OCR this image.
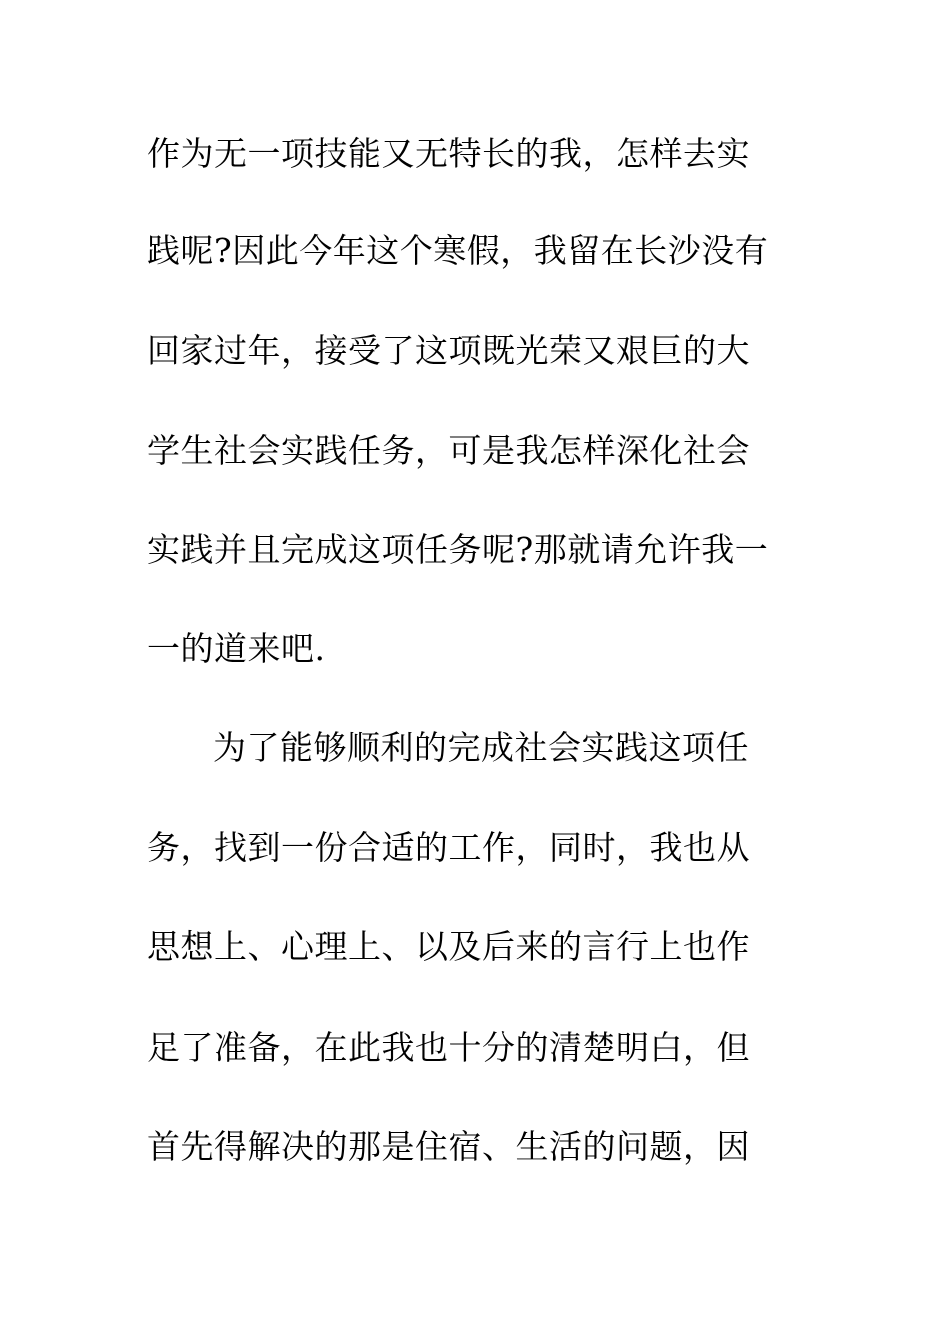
作为无一项技能又无特长的我，怎样去实
践呢?因此今年这个寒假，我留在长沙没有
回家过年，接受了这项既光荣又艰巨的大
学生社会实践任务，可是我怎样深化社会
实践并且完成这项任务呢?那就请允许我一
一的道来吧.
为了能够顺利的完成社会实践这项任
务，找到一份合适的工作，同时，我也从
思想上、心理上、以及后来的言行上也作
足了准备，在此我也十分的清楚明白，但
首先得解决的那是住宿、生活的问题，因
